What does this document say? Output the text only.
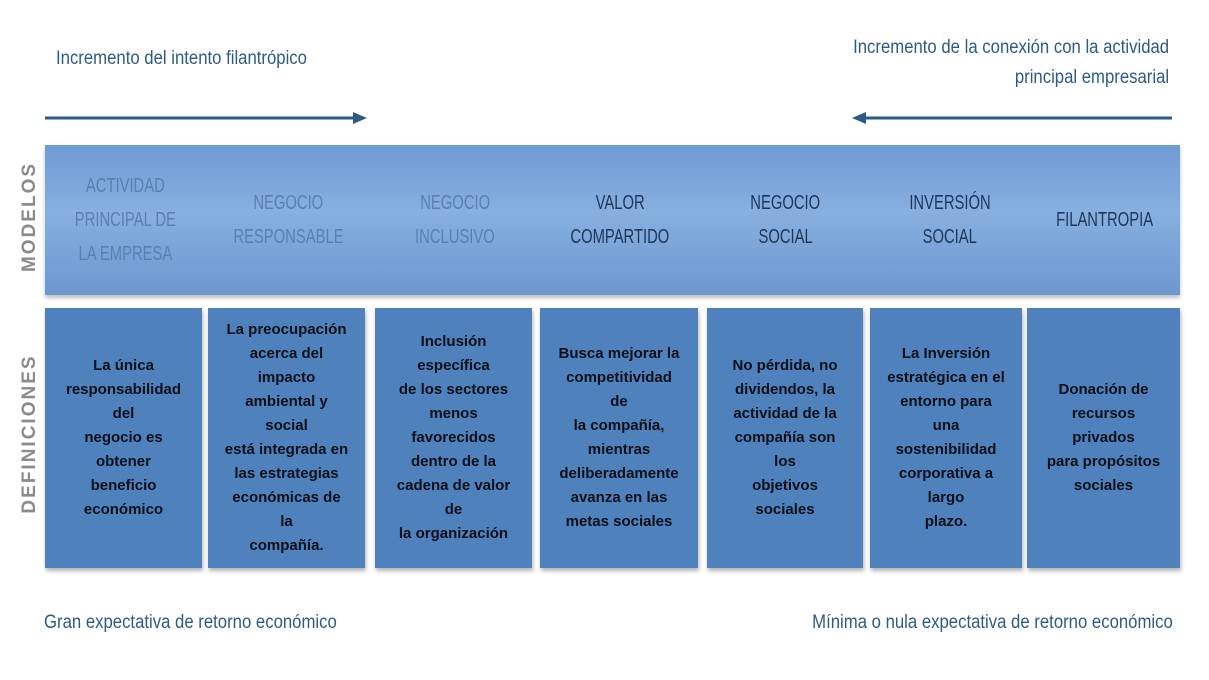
Incremento del intento filantrópico
Incremento de la conexión con la actividad
principal empresarial
MODELOS
DEFINICIONES
ACTIVIDAD
PRINCIPAL DE
LA EMPRESA
NEGOCIO
RESPONSABLE
NEGOCIO
INCLUSIVO
VALOR
COMPARTIDO
NEGOCIO
SOCIAL
INVERSIÓN
SOCIAL
FILANTROPIA
La única
responsabilidad del
negocio es obtener
beneficio
económico
La preocupación
acerca del impacto
ambiental y social
está integrada en
las estrategias
económicas de la
compañía.
Inclusión específica
de los sectores
menos favorecidos
dentro de la
cadena de valor de
la organización
Busca mejorar la
competitividad de
la compañía,
mientras
deliberadamente
avanza en las
metas sociales
No pérdida, no
dividendos, la
actividad de la
compañía son los
objetivos sociales
La Inversión
estratégica en el
entorno para una
sostenibilidad
corporativa a largo
plazo.
Donación de
recursos privados
para propósitos
sociales
Gran expectativa de retorno económico	Mínima o nula expectativa de retorno económico
